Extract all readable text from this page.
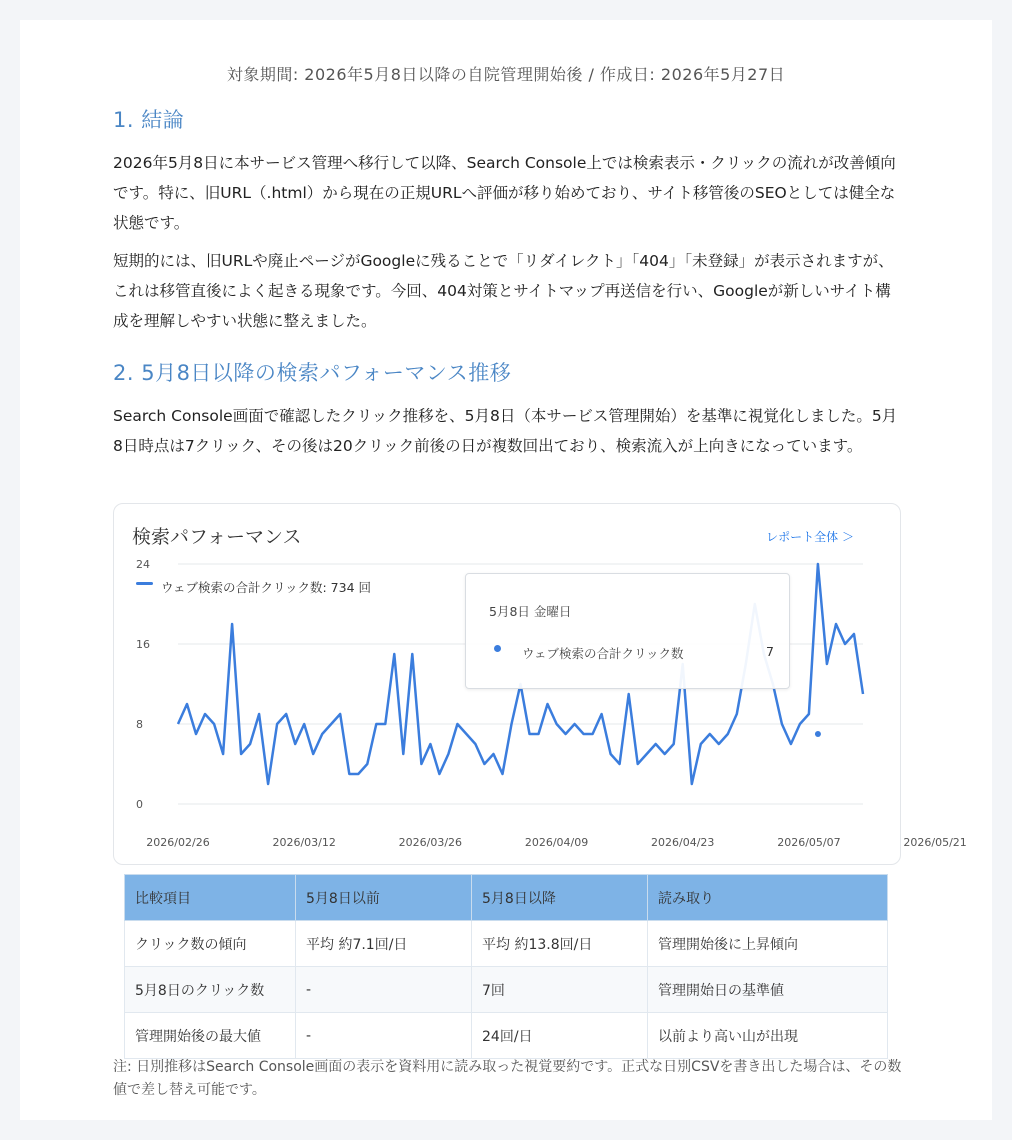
対象期間: 2026年5月8日以降の自院管理開始後 / 作成日: 2026年5月27日
1. 結論

2026年5月8日に本サービス管理へ移行して以降、Search Console上では検索表示・クリックの流れが改善傾向です。特に、旧URL（.html）から現在の正規URLへ評価が移り始めており、サイト移管後のSEOとしては健全な状態です。

短期的には、旧URLや廃止ページがGoogleに残ることで「リダイレクト」「404」「未登録」が表示されますが、これは移管直後によく起きる現象です。今回、404対策とサイトマップ再送信を行い、Googleが新しいサイト構成を理解しやすい状態に整えました。

2. 5月8日以降の検索パフォーマンス推移

Search Console画面で確認したクリック推移を、5月8日（本サービス管理開始）を基準に視覚化しました。5月8日時点は7クリック、その後は20クリック前後の日が複数回出ており、検索流入が上向きになっています。

24
16
8
0
2026/02/26	2026/03/12	2026/03/26	2026/04/09	2026/04/23	2026/05/07	2026/05/21
検索パフォーマンス	レポート全体 ＞
ウェブ検索の合計クリック数: 734 回
5月8日 金曜日
ウェブ検索の合計クリック数	7
比較項目	5月8日以前	5月8日以降	読み取り
クリック数の傾向	平均 約7.1回/日	平均 約13.8回/日	管理開始後に上昇傾向
5月8日のクリック数	-	7回	管理開始日の基準値
管理開始後の最大値	-	24回/日	以前より高い山が出現

注: 日別推移はSearch Console画面の表示を資料用に読み取った視覚要約です。正式な日別CSVを書き出した場合は、その数値で差し替え可能です。
